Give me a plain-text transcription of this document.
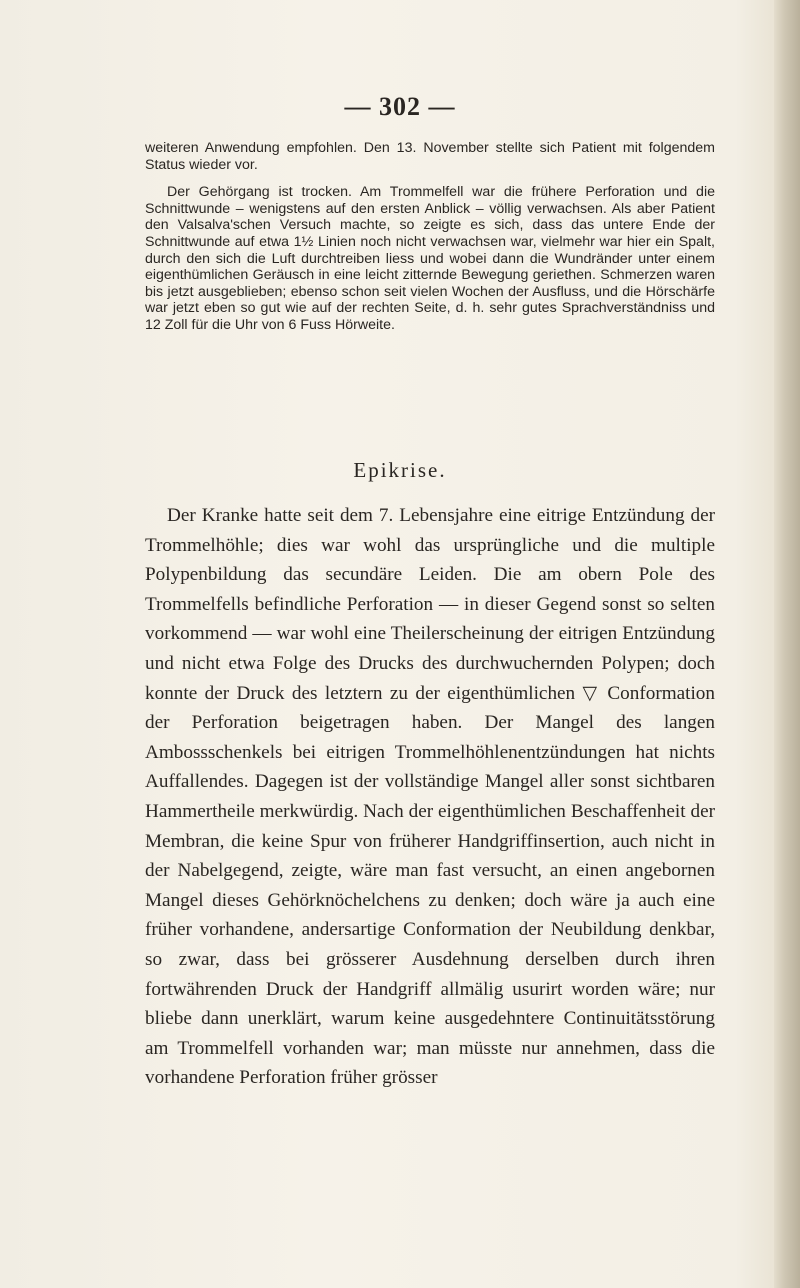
— 302 —

weiteren Anwendung empfohlen. Den 13. November stellte sich Patient mit folgendem Status wieder vor.

Der Gehörgang ist trocken. Am Trommelfell war die frühere Perforation und die Schnittwunde – wenigstens auf den ersten Anblick – völlig verwachsen. Als aber Patient den Valsalva'schen Versuch machte, so zeigte es sich, dass das untere Ende der Schnittwunde auf etwa 1½ Linien noch nicht verwachsen war, vielmehr war hier ein Spalt, durch den sich die Luft durchtreiben liess und wobei dann die Wundränder unter einem eigenthümlichen Geräusch in eine leicht zitternde Bewegung geriethen. Schmerzen waren bis jetzt ausgeblieben; ebenso schon seit vielen Wochen der Ausfluss, und die Hörschärfe war jetzt eben so gut wie auf der rechten Seite, d. h. sehr gutes Sprachverständniss und 12 Zoll für die Uhr von 6 Fuss Hörweite.

Epikrise.

Der Kranke hatte seit dem 7. Lebensjahre eine eitrige Entzündung der Trommelhöhle; dies war wohl das ursprüngliche und die multiple Polypenbildung das secundäre Leiden. Die am obern Pole des Trommelfells befindliche Perforation — in dieser Gegend sonst so selten vorkommend — war wohl eine Theilerscheinung der eitrigen Entzündung und nicht etwa Folge des Drucks des durchwuchernden Polypen; doch konnte der Druck des letztern zu der eigenthümlichen ▽ Conformation der Perforation beigetragen haben. Der Mangel des langen Ambossschenkels bei eitrigen Trommelhöhlenentzündungen hat nichts Auffallendes. Dagegen ist der vollständige Mangel aller sonst sichtbaren Hammertheile merkwürdig. Nach der eigenthümlichen Beschaffenheit der Membran, die keine Spur von früherer Handgriffinsertion, auch nicht in der Nabelgegend, zeigte, wäre man fast versucht, an einen angebornen Mangel dieses Gehörknöchelchens zu denken; doch wäre ja auch eine früher vorhandene, andersartige Conformation der Neubildung denkbar, so zwar, dass bei grösserer Ausdehnung derselben durch ihren fortwährenden Druck der Handgriff allmälig usurirt worden wäre; nur bliebe dann unerklärt, warum keine ausgedehntere Continuitätsstörung am Trommelfell vorhanden war; man müsste nur annehmen, dass die vorhandene Perforation früher grösser
